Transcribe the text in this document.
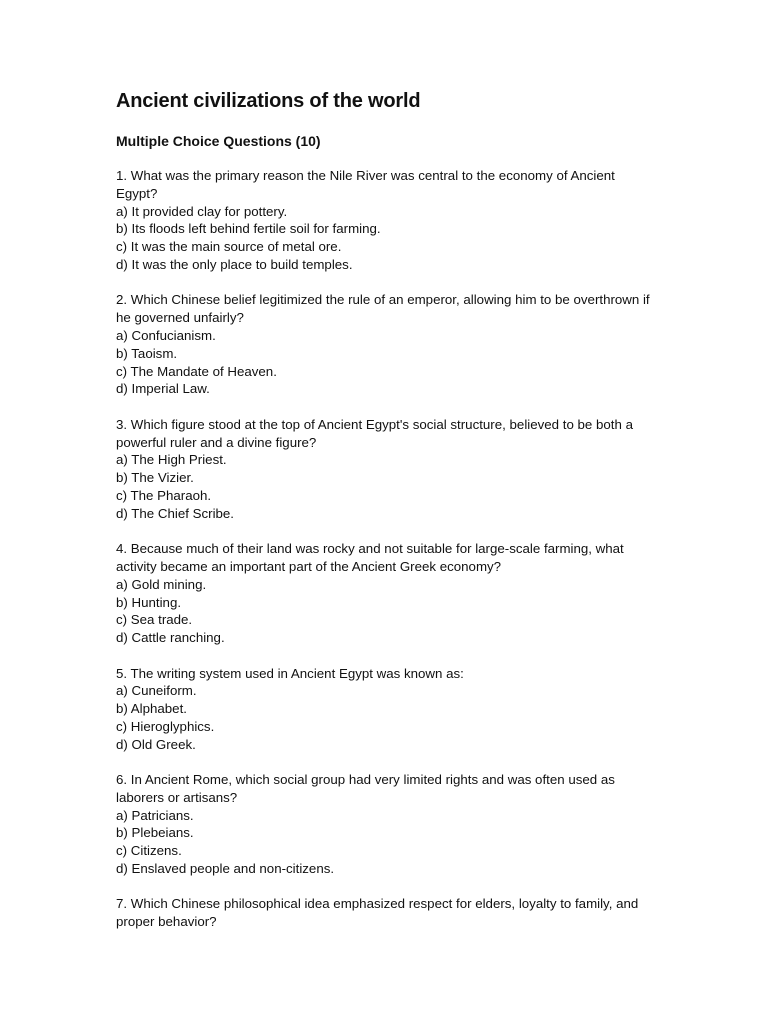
Ancient civilizations of the world
Multiple Choice Questions (10)
1. What was the primary reason the Nile River was central to the economy of Ancient Egypt?
a) It provided clay for pottery.
b) Its floods left behind fertile soil for farming.
c) It was the main source of metal ore.
d) It was the only place to build temples.
2. Which Chinese belief legitimized the rule of an emperor, allowing him to be overthrown if he governed unfairly?
a) Confucianism.
b) Taoism.
c) The Mandate of Heaven.
d) Imperial Law.
3. Which figure stood at the top of Ancient Egypt's social structure, believed to be both a powerful ruler and a divine figure?
a) The High Priest.
b) The Vizier.
c) The Pharaoh.
d) The Chief Scribe.
4. Because much of their land was rocky and not suitable for large-scale farming, what activity became an important part of the Ancient Greek economy?
a) Gold mining.
b) Hunting.
c) Sea trade.
d) Cattle ranching.
5. The writing system used in Ancient Egypt was known as:
a) Cuneiform.
b) Alphabet.
c) Hieroglyphics.
d) Old Greek.
6. In Ancient Rome, which social group had very limited rights and was often used as laborers or artisans?
a) Patricians.
b) Plebeians.
c) Citizens.
d) Enslaved people and non-citizens.
7. Which Chinese philosophical idea emphasized respect for elders, loyalty to family, and proper behavior?
